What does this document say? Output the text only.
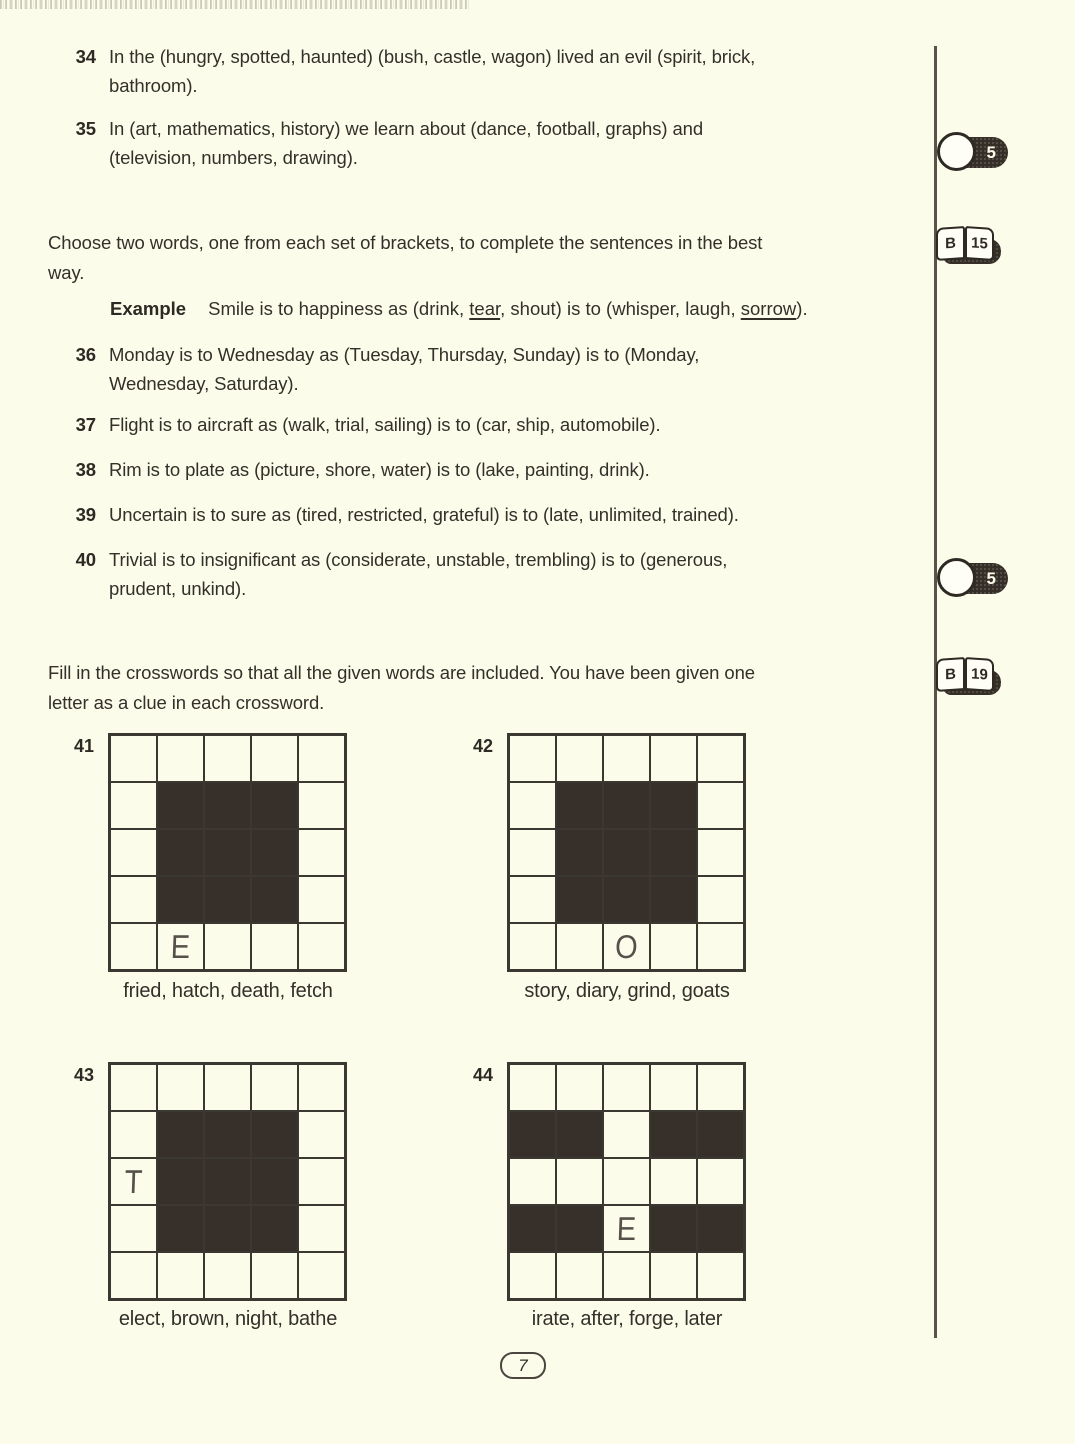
34 In the (hungry, spotted, haunted) (bush, castle, wagon) lived an evil (spirit, brick,
bathroom).
35 In (art, mathematics, history) we learn about (dance, football, graphs) and
(television, numbers, drawing).
Choose two words, one from each set of brackets, to complete the sentences in the best
way.
Example Smile is to happiness as (drink, tear, shout) is to (whisper, laugh, sorrow).
36 Monday is to Wednesday as (Tuesday, Thursday, Sunday) is to (Monday,
Wednesday, Saturday).
37 Flight is to aircraft as (walk, trial, sailing) is to (car, ship, automobile).
38 Rim is to plate as (picture, shore, water) is to (lake, painting, drink).
39 Uncertain is to sure as (tired, restricted, grateful) is to (late, unlimited, trained).
40 Trivial is to insignificant as (considerate, unstable, trembling) is to (generous,
prudent, unkind).
Fill in the crosswords so that all the given words are included. You have been given one
letter as a clue in each crossword.
41
E
fried, hatch, death, fetch
42
O
story, diary, grind, goats
43
T
elect, brown, night, bathe
44
E
irate, after, forge, later
5
B	15
5
B	19
7
